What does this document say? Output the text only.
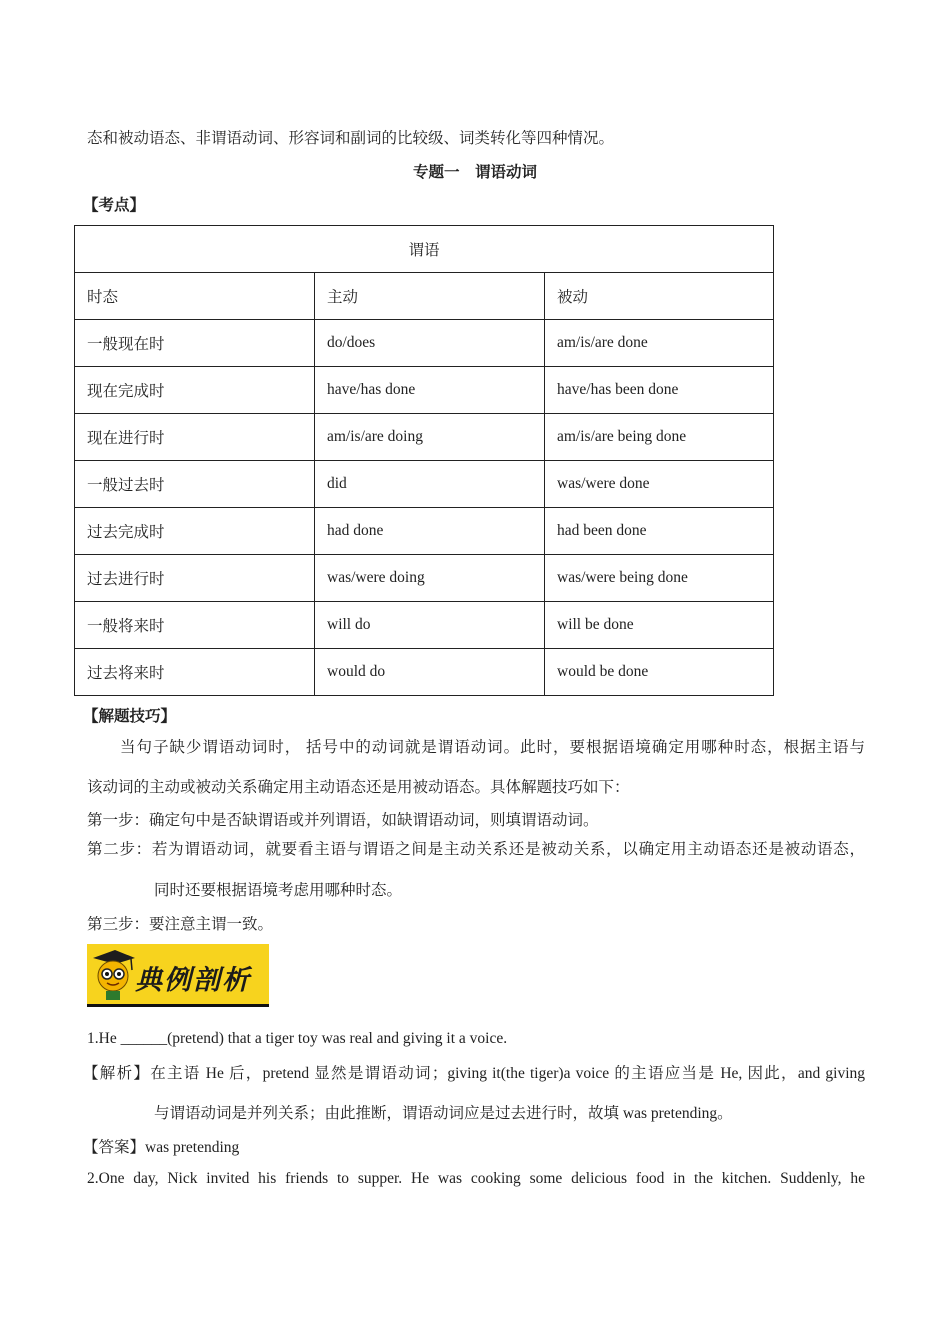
态和被动语态、非谓语动词、形容词和副词的比较级、词类转化等四种情况。
专题一    谓语动词
【考点】
谓语		
时态	主动	被动
一般现在时	do/does	am/is/are done
现在完成时	have/has done	have/has been done
现在进行时	am/is/are doing	am/is/are being done
一般过去时	did	was/were done
过去完成时	had done	had been done
过去进行时	was/were doing	was/were being done
一般将来时	will do	will be done
过去将来时	would do	would be done
【解题技巧】
当句子缺少谓语动词时， 括号中的动词就是谓语动词。此时，要根据语境确定用哪种时态，根据主语与
该动词的主动或被动关系确定用主动语态还是用被动语态。具体解题技巧如下：
第一步：确定句中是否缺谓语或并列谓语，如缺谓语动词，则填谓语动词。
第二步：若为谓语动词，就要看主语与谓语之间是主动关系还是被动关系，以确定用主动语态还是被动语态，
同时还要根据语境考虑用哪种时态。
第三步：要注意主谓一致。
典例剖析
1.He ______(pretend) that a tiger toy was real and giving it a voice.
【解析】在主语 He 后，pretend 显然是谓语动词；giving it(the tiger)a voice 的主语应当是 He, 因此，and giving
与谓语动词是并列关系；由此推断，谓语动词应是过去进行时，故填 was pretending。
【答案】was pretending
2.One day, Nick invited his friends to supper. He was cooking some delicious food in the kitchen. Suddenly, he
